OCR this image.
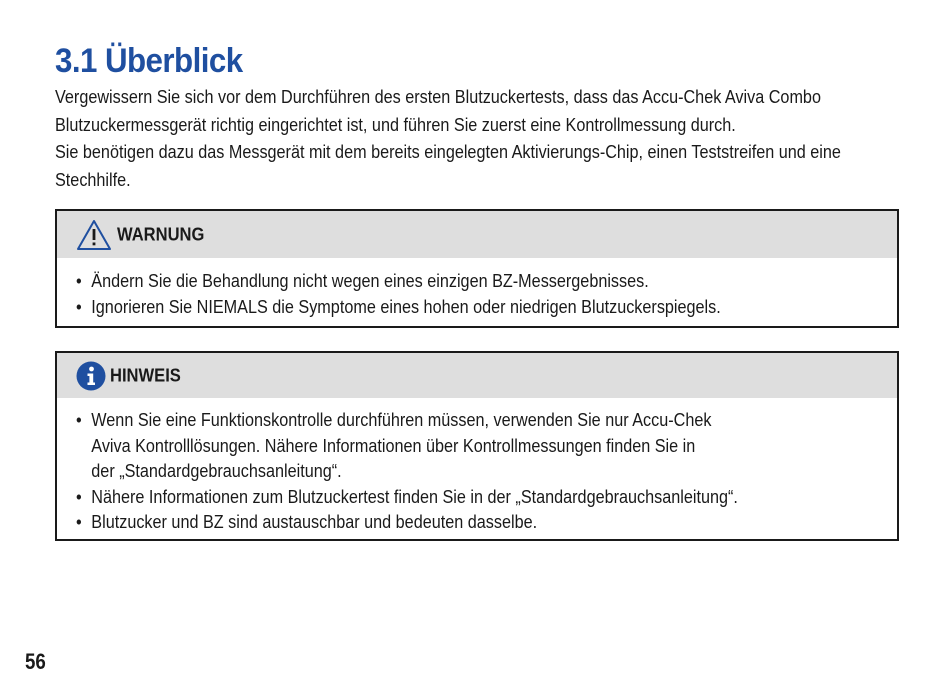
3.1 Überblick

Vergewissern Sie sich vor dem Durchführen des ersten Blutzuckertests, dass das Accu-Chek Aviva Combo Blutzuckermessgerät richtig eingerichtet ist, und führen Sie zuerst eine Kontrollmessung durch.

Sie benötigen dazu das Messgerät mit dem bereits eingelegten Aktivierungs-Chip, einen Teststreifen und eine Stechhilfe.

WARNUNG
• Ändern Sie die Behandlung nicht wegen eines einzigen BZ-Messergebnisses.
• Ignorieren Sie NIEMALS die Symptome eines hohen oder niedrigen Blutzuckerspiegels.
HINWEIS
• Wenn Sie eine Funktionskontrolle durchführen müssen, verwenden Sie nur Accu-Chek Aviva Kontrolllösungen. Nähere Informationen über Kontrollmessungen finden Sie in der „Standardgebrauchsanleitung“.
• Nähere Informationen zum Blutzuckertest finden Sie in der „Standardgebrauchsanleitung“.
• Blutzucker und BZ sind austauschbar und bedeuten dasselbe.
56
